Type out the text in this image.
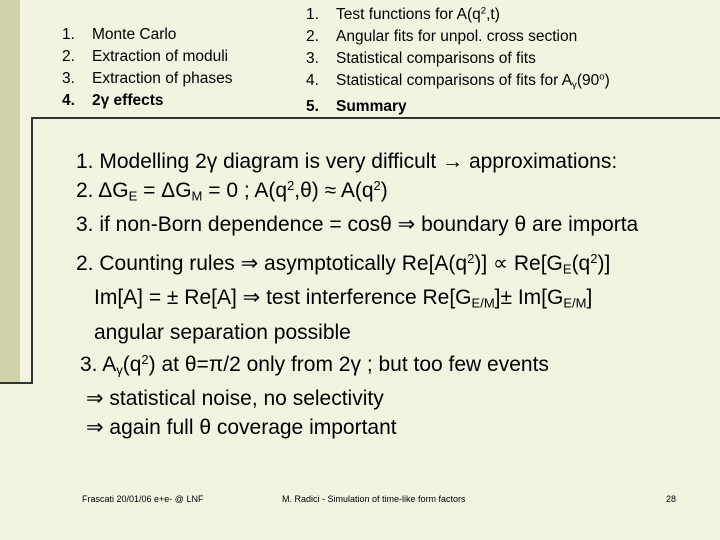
1.	Monte Carlo
2.	Extraction of moduli
3.	Extraction of phases
4.	2γ effects
1.	Test functions for $A(q^2,t)$
2.	Angular fits for unpol. cross section
3.	Statistical comparisons of fits
4.	Statistical comparisons of fits for $A_\gamma(90^o)$
5.	Summary
1. Modelling 2γ diagram is very difficult → approximations:
2. $\Delta G_E = \Delta G_M = 0$ ; $A(q^2,\theta) \approx A(q^2)$
3. if non-Born dependence = cosθ ⇒ boundary θ are importa
2. Counting rules ⇒ asymptotically $Re[A(q^2)] \propto Re[G_E(q^2)]$
Im[A] = ± Re[A] ⇒ test interference $Re[G_{E/M}]\pm Im[G_{E/M}]$
angular separation possible
3. $A_\gamma(q^2)$ at θ=π/2 only from 2γ ; but too few events
⇒ statistical noise, no selectivity
⇒ again full θ coverage important
Frascati 20/01/06 e+e- @ LNF	M. Radici - Simulation of time-like form factors	28
